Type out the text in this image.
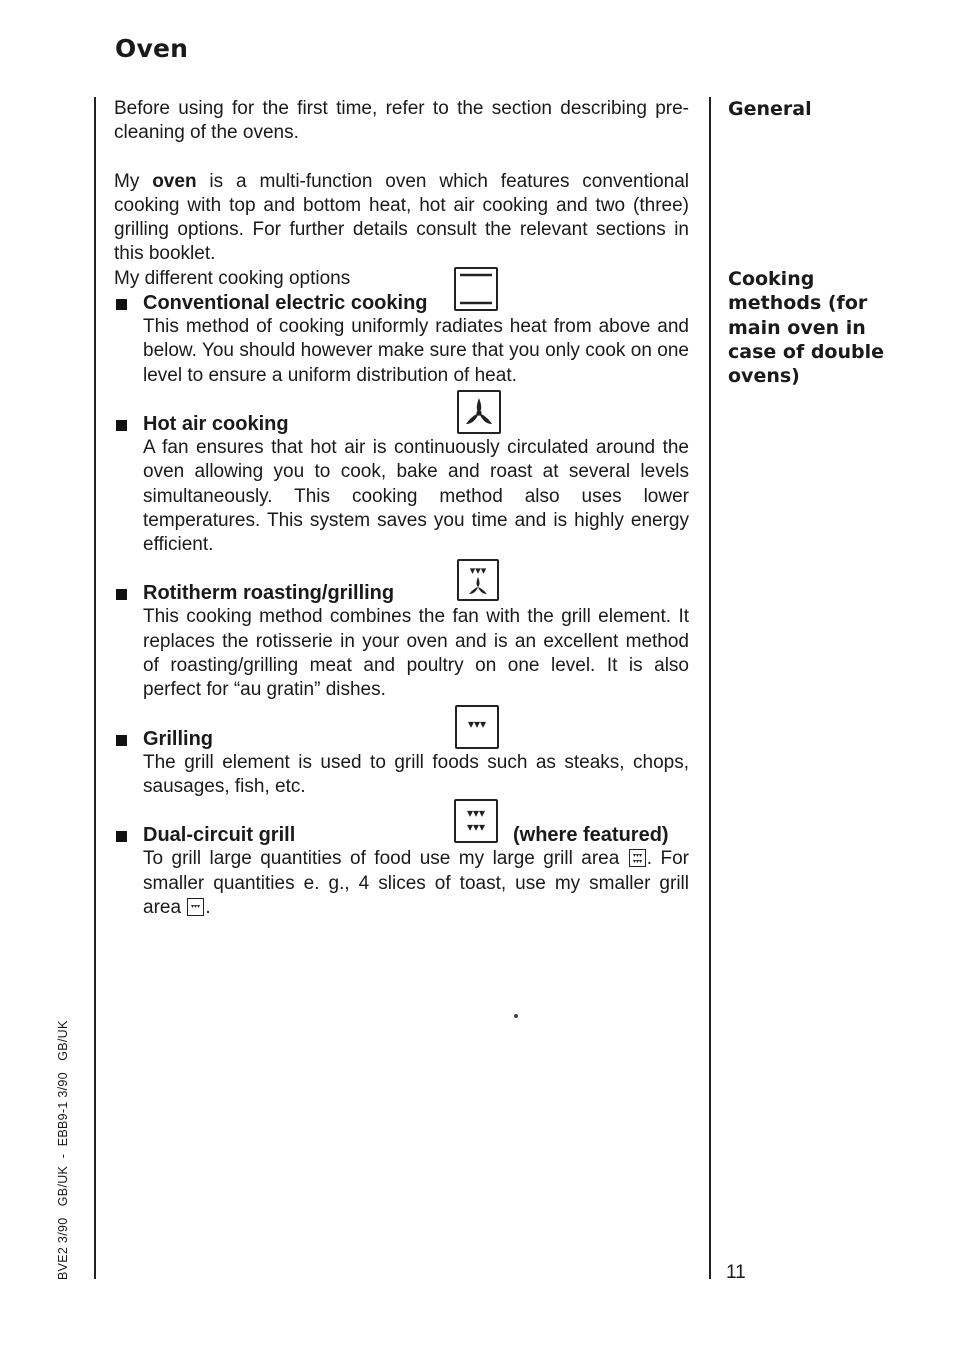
Oven

Before using for the first time, refer to the section describing pre-cleaning of the ovens.

My oven is a multi-function oven which features conventional cooking with top and bottom heat, hot air cooking and two (three) grilling options. For further details consult the relevant sections in this booklet.

My different cooking options

Conventional electric cooking

This method of cooking uniformly radiates heat from above and below. You should however make sure that you only cook on one level to ensure a uniform distribution of heat.

Hot air cooking

A fan ensures that hot air is continuously circulated around the oven allowing you to cook, bake and roast at several levels simultaneously. This cooking method also uses lower temperatures. This system saves you time and is highly energy efficient.

Rotitherm roasting/grilling
▾▾▾

This cooking method combines the fan with the grill element. It replaces the rotisserie in your oven and is an excellent method of roasting/grilling meat and poultry on one level. It is also perfect for “au gratin” dishes.

Grilling
▾▾▾

The grill element is used to grill foods such as steaks, chops, sausages, fish, etc.

Dual-circuit grill
▾▾▾
▾▾▾ (where featured)

To grill large quantities of food use my large grill area ▾▾▾
▾▾▾ . For smaller quantities e. g., 4 slices of toast, use my smaller grill area ▾▾▾ .

General
Cooking methods (for main oven in case of double ovens)
11
BVE2 3/90   GB/UK  -  EBB9-1 3/90   GB/UK
